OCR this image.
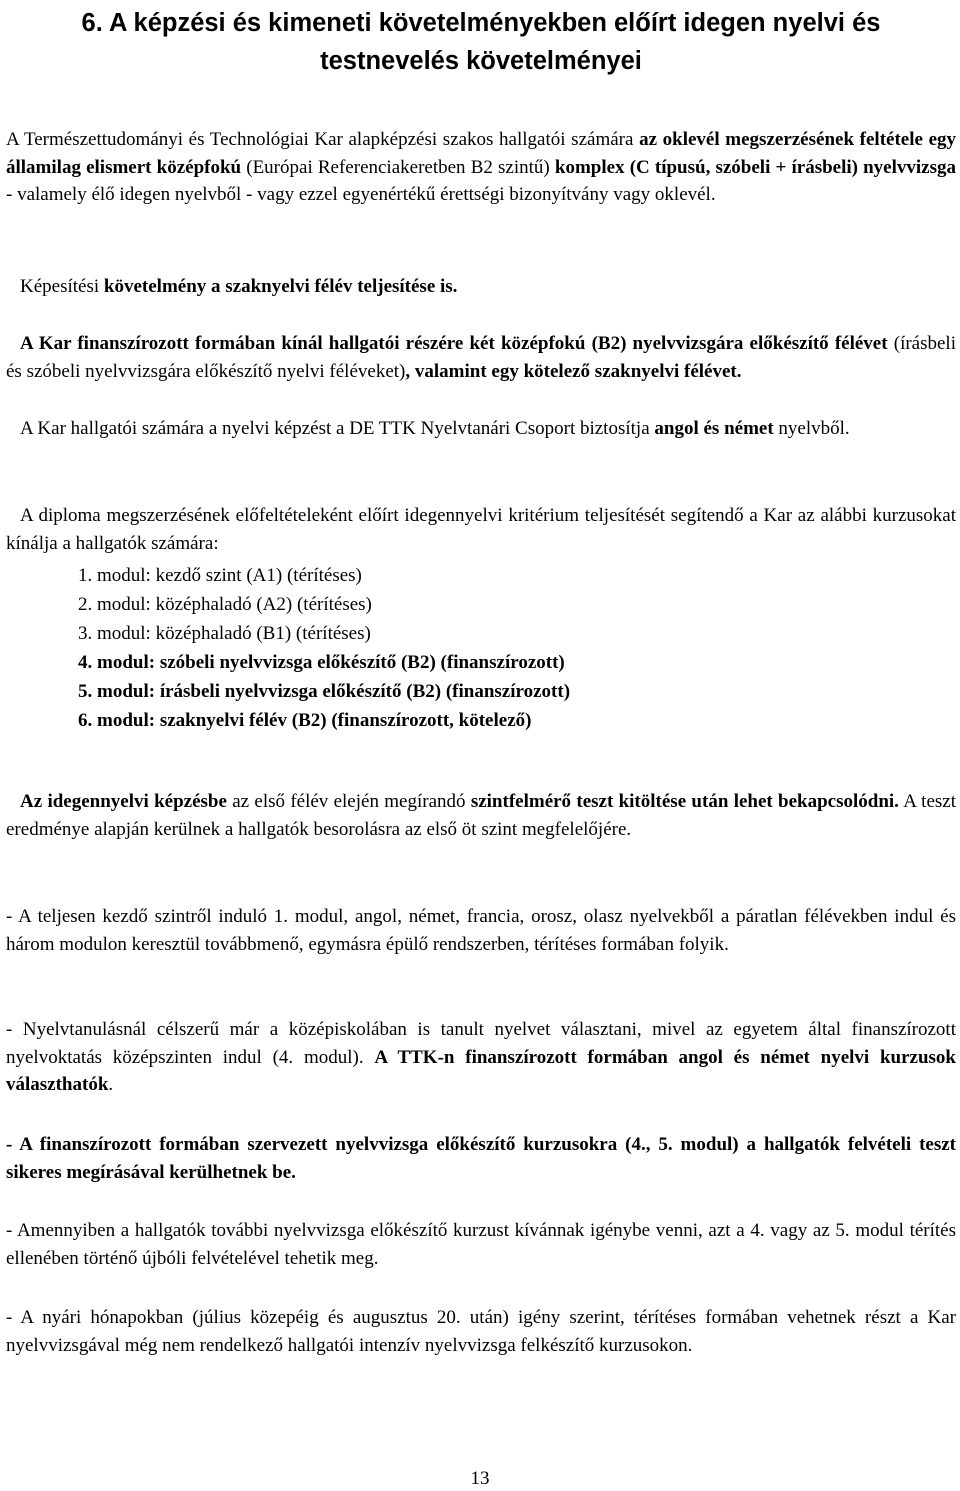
6. A képzési és kimeneti követelményekben előírt idegen nyelvi és
testnevelés követelményei

A Természettudományi és Technológiai Kar alapképzési szakos hallgatói számára az oklevél megszerzésének feltétele egy államilag elismert középfokú (Európai Referenciakeretben B2 szintű) komplex (C típusú, szóbeli + írásbeli) nyelvvizsga - valamely élő idegen nyelvből - vagy ezzel egyenértékű érettségi bizonyítvány vagy oklevél.

Képesítési követelmény a szaknyelvi félév teljesítése is.

A Kar finanszírozott formában kínál hallgatói részére két középfokú (B2) nyelvvizsgára előkészítő félévet (írásbeli és szóbeli nyelvvizsgára előkészítő nyelvi féléveket), valamint egy kötelező szaknyelvi félévet.

A Kar hallgatói számára a nyelvi képzést a DE TTK Nyelvtanári Csoport biztosítja angol és német nyelvből.

A diploma megszerzésének előfeltételeként előírt idegennyelvi kritérium teljesítését segítendő a Kar az alábbi kurzusokat kínálja a hallgatók számára:

1. modul: kezdő szint (A1) (térítéses)
2. modul: középhaladó (A2) (térítéses)
3. modul: középhaladó (B1) (térítéses)
4. modul: szóbeli nyelvvizsga előkészítő (B2) (finanszírozott)
5. modul: írásbeli nyelvvizsga előkészítő (B2) (finanszírozott)
6. modul: szaknyelvi félév (B2) (finanszírozott, kötelező)

Az idegennyelvi képzésbe az első félév elején megírandó szintfelmérő teszt kitöltése után lehet bekapcsolódni. A teszt eredménye alapján kerülnek a hallgatók besorolásra az első öt szint megfelelőjére.

- A teljesen kezdő szintről induló 1. modul, angol, német, francia, orosz, olasz nyelvekből a páratlan félévekben indul és három modulon keresztül továbbmenő, egymásra épülő rendszerben, térítéses formában folyik.

- Nyelvtanulásnál célszerű már a középiskolában is tanult nyelvet választani, mivel az egyetem által finanszírozott nyelvoktatás középszinten indul (4. modul). A TTK-n finanszírozott formában angol és német nyelvi kurzusok választhatók.

- A finanszírozott formában szervezett nyelvvizsga előkészítő kurzusokra (4., 5. modul) a hallgatók felvételi teszt sikeres megírásával kerülhetnek be.

- Amennyiben a hallgatók további nyelvvizsga előkészítő kurzust kívánnak igénybe venni, azt a 4. vagy az 5. modul térítés ellenében történő újbóli felvételével tehetik meg.

- A nyári hónapokban (július közepéig és augusztus 20. után) igény szerint, térítéses formában vehetnek részt a Kar nyelvvizsgával még nem rendelkező hallgatói intenzív nyelvvizsga felkészítő kurzusokon.

13
